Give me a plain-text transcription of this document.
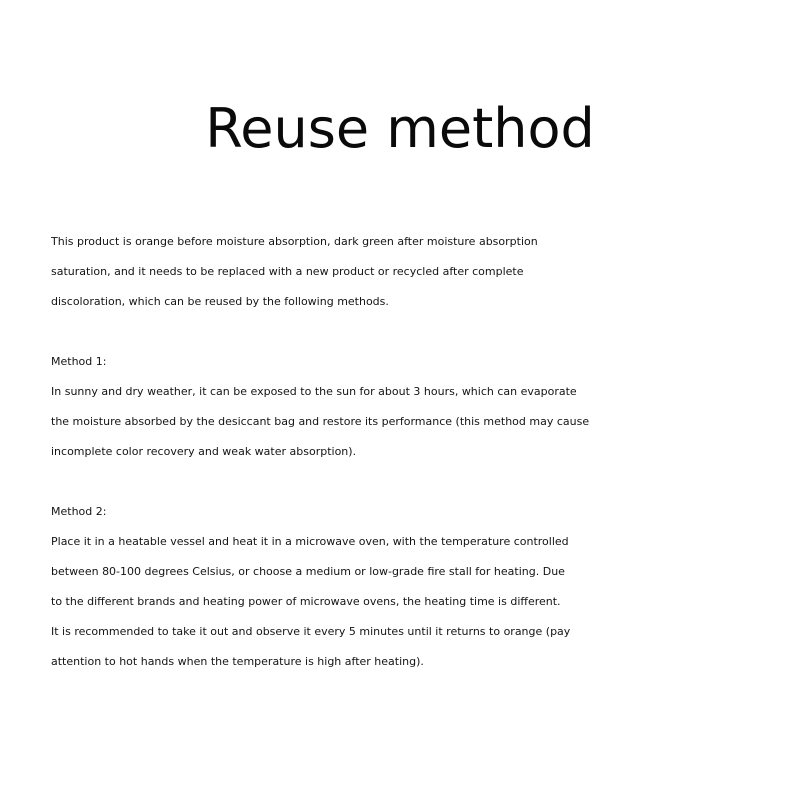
Reuse method
This product is orange before moisture absorption, dark green after moisture absorption
saturation, and it needs to be replaced with a new product or recycled after complete
discoloration, which can be reused by the following methods.
Method 1:
In sunny and dry weather, it can be exposed to the sun for about 3 hours, which can evaporate
the moisture absorbed by the desiccant bag and restore its performance (this method may cause
incomplete color recovery and weak water absorption).
Method 2:
Place it in a heatable vessel and heat it in a microwave oven, with the temperature controlled
between 80-100 degrees Celsius, or choose a medium or low-grade fire stall for heating. Due
to the different brands and heating power of microwave ovens, the heating time is different.
It is recommended to take it out and observe it every 5 minutes until it returns to orange (pay
attention to hot hands when the temperature is high after heating).
